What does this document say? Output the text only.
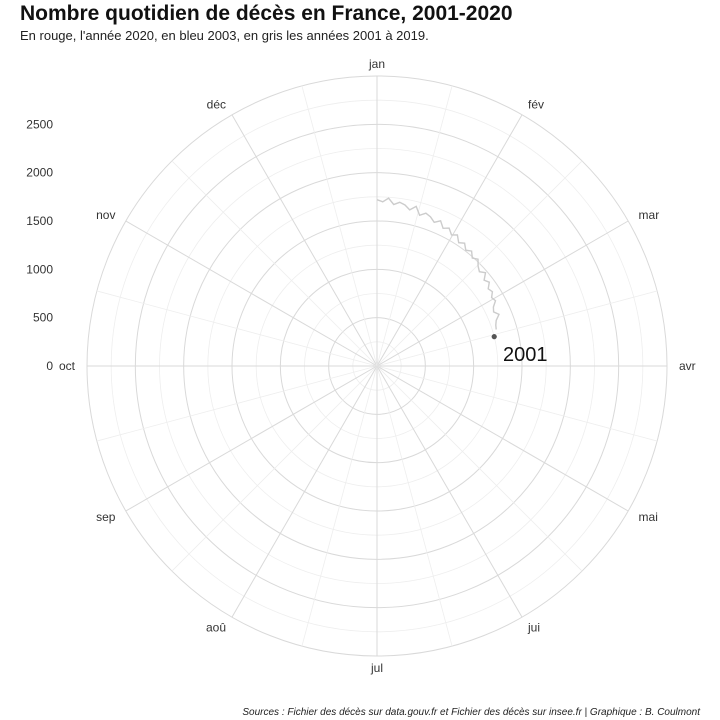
Nombre quotidien de décès en France, 2001-2020
En rouge, l'année 2020, en bleu 2003, en gris les années 2001 à 2019.
jan
fév
mar
avr
mai
jui
jul
aoû
sep
oct
nov
déc
0
500
1000
1500
2000
2500
2001
Sources : Fichier des décès sur data.gouv.fr et Fichier des décès sur insee.fr | Graphique : B. Coulmont
